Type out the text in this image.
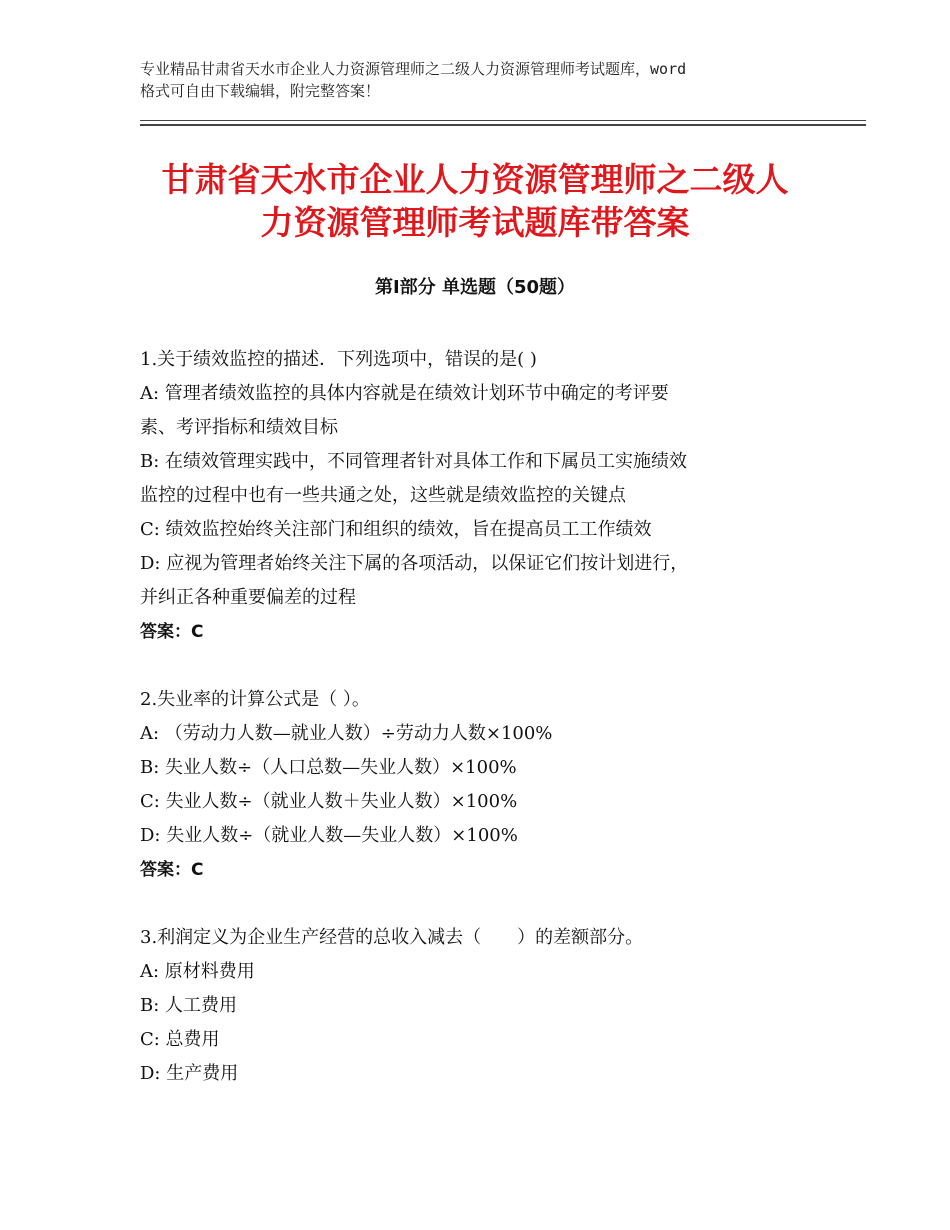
专业精品甘肃省天水市企业人力资源管理师之二级人力资源管理师考试题库，word
格式可自由下载编辑，附完整答案！
甘肃省天水市企业人力资源管理师之二级人
力资源管理师考试题库带答案
第Ⅰ部分 单选题（50题）
1.关于绩效监控的描述．下列选项中，错误的是( )
A: 管理者绩效监控的具体内容就是在绩效计划环节中确定的考评要
素、考评指标和绩效目标
B: 在绩效管理实践中，不同管理者针对具体工作和下属员工实施绩效
监控的过程中也有一些共通之处，这些就是绩效监控的关键点
C: 绩效监控始终关注部门和组织的绩效，旨在提高员工工作绩效
D: 应视为管理者始终关注下属的各项活动，以保证它们按计划进行，
并纠正各种重要偏差的过程
答案：C
2.失业率的计算公式是（ ）。
A: （劳动力人数—就业人数）÷劳动力人数×100%
B: 失业人数÷（人口总数—失业人数）×100%
C: 失业人数÷（就业人数＋失业人数）×100%
D: 失业人数÷（就业人数—失业人数）×100%
答案：C
3.利润定义为企业生产经营的总收入减去（　　）的差额部分。
A: 原材料费用
B: 人工费用
C: 总费用
D: 生产费用
